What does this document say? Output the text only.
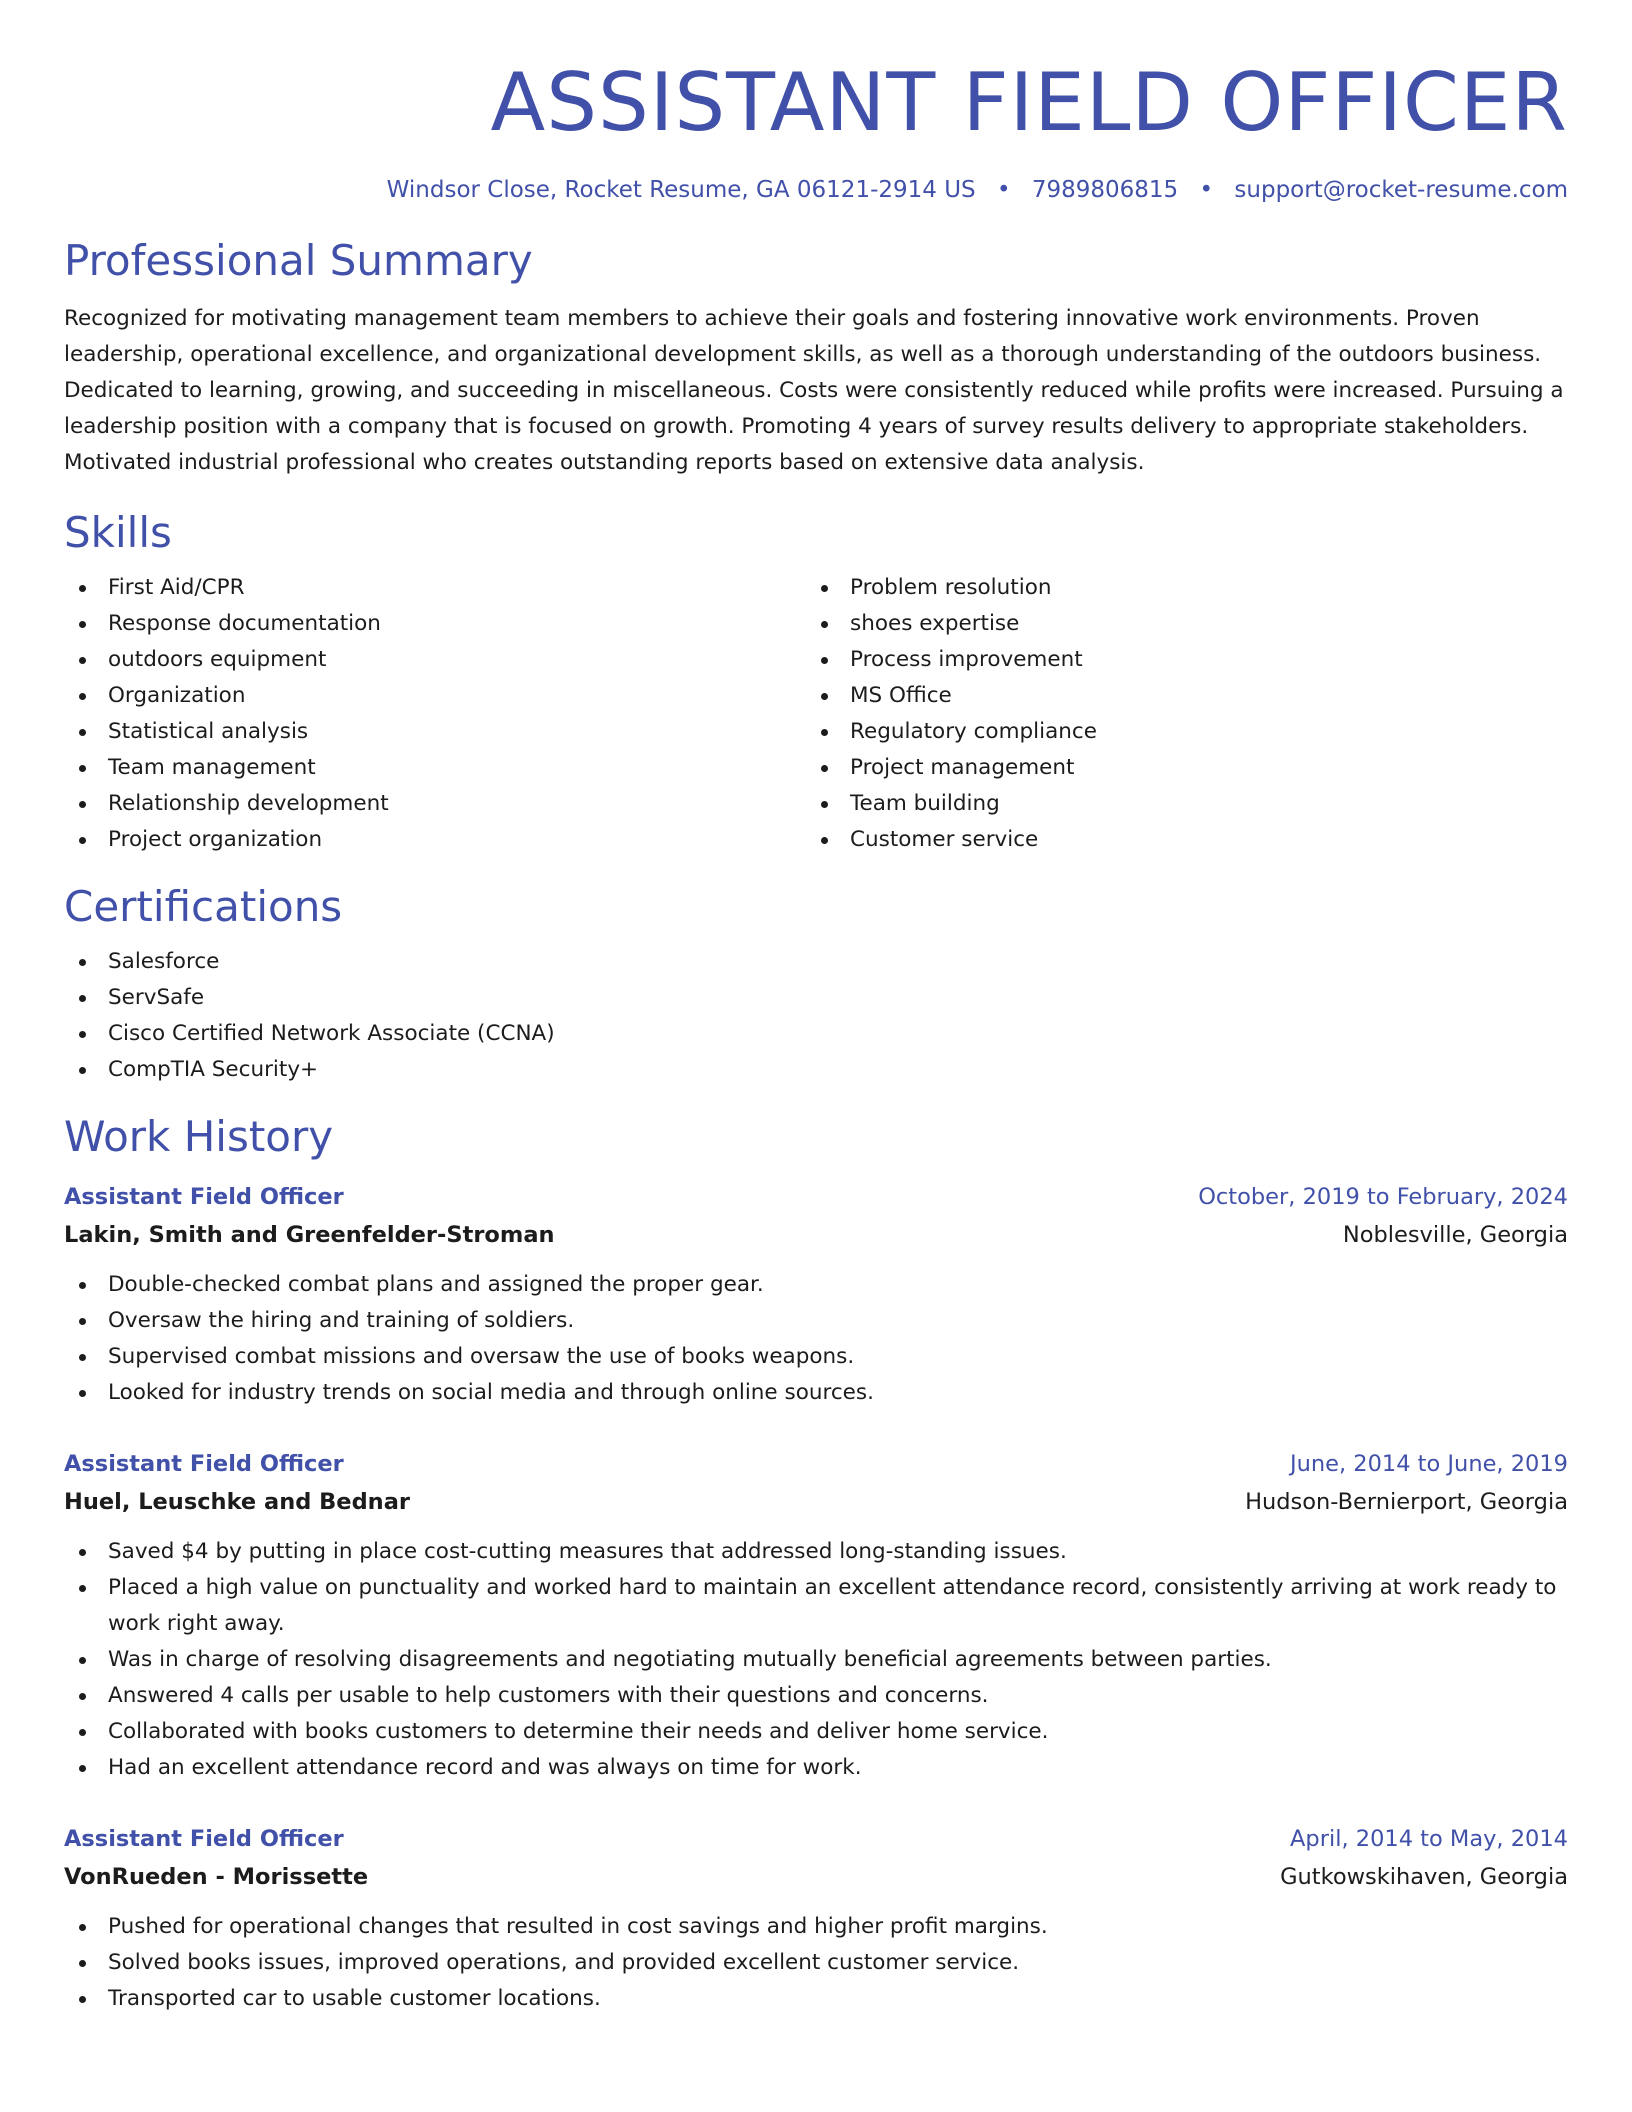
ASSISTANT FIELD OFFICER
Windsor Close, Rocket Resume, GA 06121-2914 US • 7989806815 • support@rocket-resume.com
Professional Summary

Recognized for motivating management team members to achieve their goals and fostering innovative work environments. Proven leadership, operational excellence, and organizational development skills, as well as a thorough understanding of the outdoors business. Dedicated to learning, growing, and succeeding in miscellaneous. Costs were consistently reduced while profits were increased. Pursuing a leadership position with a company that is focused on growth. Promoting 4 years of survey results delivery to appropriate stakeholders. Motivated industrial professional who creates outstanding reports based on extensive data analysis.

Skills
First Aid/CPR
Response documentation
outdoors equipment
Organization
Statistical analysis
Team management
Relationship development
Project organization
Problem resolution
shoes expertise
Process improvement
MS Office
Regulatory compliance
Project management
Team building
Customer service
Certifications
Salesforce
ServSafe
Cisco Certified Network Associate (CCNA)
CompTIA Security+
Work History
Assistant Field Officer	October, 2019 to February, 2024
Lakin, Smith and Greenfelder-Stroman	Noblesville, Georgia
Double-checked combat plans and assigned the proper gear.
Oversaw the hiring and training of soldiers.
Supervised combat missions and oversaw the use of books weapons.
Looked for industry trends on social media and through online sources.
Assistant Field Officer	June, 2014 to June, 2019
Huel, Leuschke and Bednar	Hudson-Bernierport, Georgia
Saved $4 by putting in place cost-cutting measures that addressed long-standing issues.
Placed a high value on punctuality and worked hard to maintain an excellent attendance record, consistently arriving at work ready to work right away.
Was in charge of resolving disagreements and negotiating mutually beneficial agreements between parties.
Answered 4 calls per usable to help customers with their questions and concerns.
Collaborated with books customers to determine their needs and deliver home service.
Had an excellent attendance record and was always on time for work.
Assistant Field Officer	April, 2014 to May, 2014
VonRueden - Morissette	Gutkowskihaven, Georgia
Pushed for operational changes that resulted in cost savings and higher profit margins.
Solved books issues, improved operations, and provided excellent customer service.
Transported car to usable customer locations.
